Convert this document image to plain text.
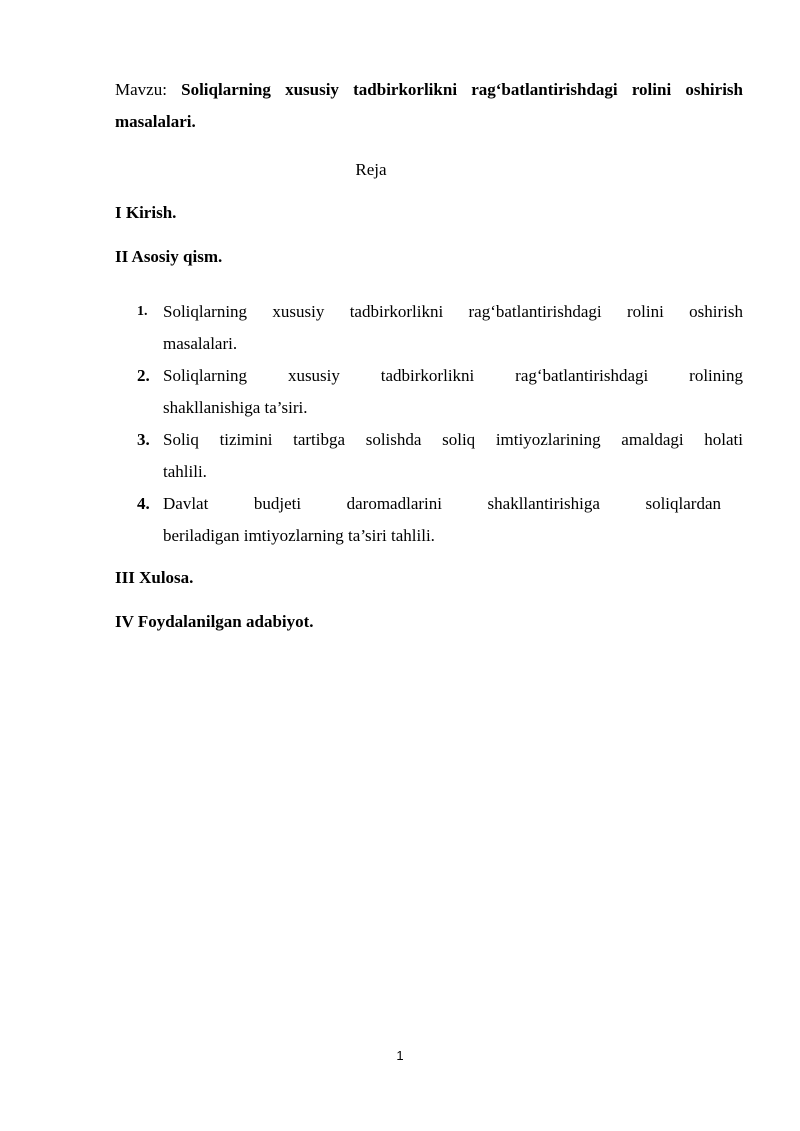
Mavzu: Soliqlarning xususiy tadbirkorlikni rag‘batlantirishdagi rolini oshirish masalalari.
Reja
I Kirish.
II Asosiy qism.
1. Soliqlarning xususiy tadbirkorlikni rag‘batlantirishdagi rolini oshirish
masalalari.
2. Soliqlarning xususiy tadbirkorlikni rag‘batlantirishdagi rolining
shakllanishiga ta’siri.
3. Soliq tizimini tartibga solishda soliq imtiyozlarining amaldagi holati
tahlili.
4. Davlat budjeti daromadlarini shakllantirishiga soliqlardan
beriladigan imtiyozlarning ta’siri tahlili.
III Xulosa.
IV Foydalanilgan adabiyot.
1
